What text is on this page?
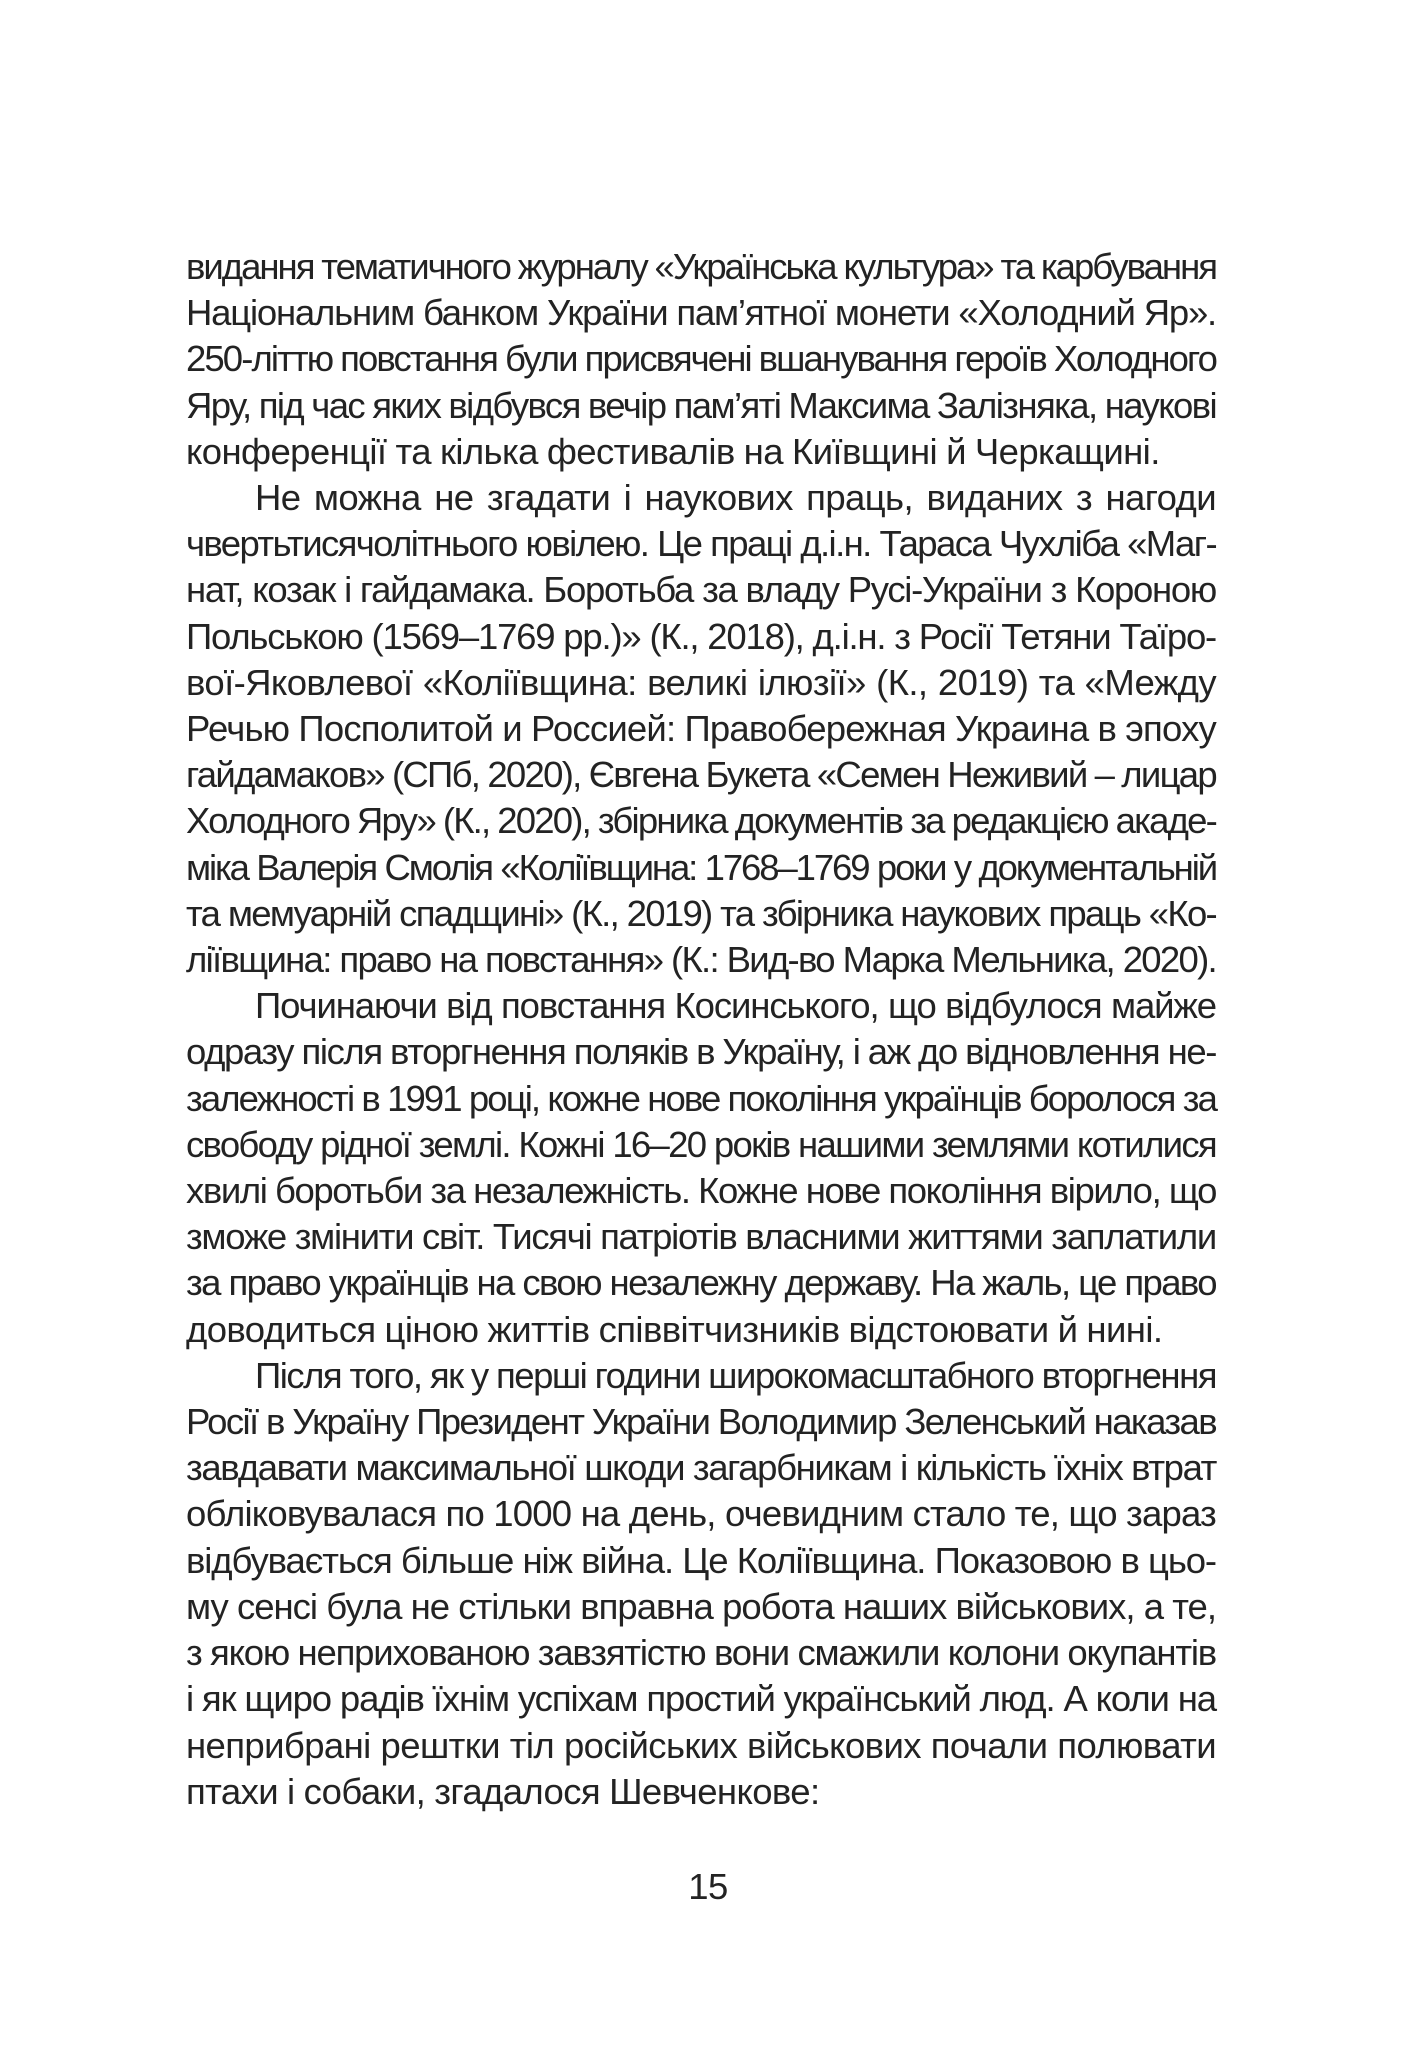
видання тематичного журналу «Українська культура» та карбування
Національним банком України пам’ятної монети «Холодний Яр».
250-літтю повстання були присвячені вшанування героїв Холодного
Яру, під час яких відбувся вечір пам’яті Максима Залізняка, наукові
конференції та кілька фестивалів на Київщині й Черкащині.
Не можна не згадати і наукових праць, виданих з нагоди
чвертьтисячолітнього ювілею. Це праці д.і.н. Тараса Чухліба «Маг-
нат, козак і гайдамака. Боротьба за владу Русі-України з Короною
Польською (1569–1769 рр.)» (К., 2018), д.і.н. з Росії Тетяни Таїро-
вої-Яковлевої «Коліївщина: великі ілюзії» (К., 2019) та «Между
Речью Посполитой и Россией: Правобережная Украина в эпоху
гайдамаков» (СПб, 2020), Євгена Букета «Семен Неживий – лицар
Холодного Яру» (К., 2020), збірника документів за редакцією акаде-
міка Валерія Смолія «Коліївщина: 1768–1769 роки у документальній
та мемуарній спадщині» (К., 2019) та збірника наукових праць «Ко-
ліївщина: право на повстання» (К.: Вид-во Марка Мельника, 2020).
Починаючи від повстання Косинського, що відбулося майже
одразу після вторгнення поляків в Україну, і аж до відновлення не-
залежності в 1991 році, кожне нове покоління українців боролося за
свободу рідної землі. Кожні 16–20 років нашими землями котилися
хвилі боротьби за незалежність. Кожне нове покоління вірило, що
зможе змінити світ. Тисячі патріотів власними життями заплатили
за право українців на свою незалежну державу. На жаль, це право
доводиться ціною життів співвітчизників відстоювати й нині.
Після того, як у перші години широкомасштабного вторгнення
Росії в Україну Президент України Володимир Зеленський наказав
завдавати максимальної шкоди загарбникам і кількість їхніх втрат
обліковувалася по 1000 на день, очевидним стало те, що зараз
відбувається більше ніж війна. Це Коліївщина. Показовою в цьо-
му сенсі була не стільки вправна робота наших військових, а те,
з якою неприхованою завзятістю вони смажили колони окупантів
і як щиро радів їхнім успіхам простий український люд. А коли на
неприбрані рештки тіл російських військових почали полювати
птахи і собаки, згадалося Шевченкове:
15
